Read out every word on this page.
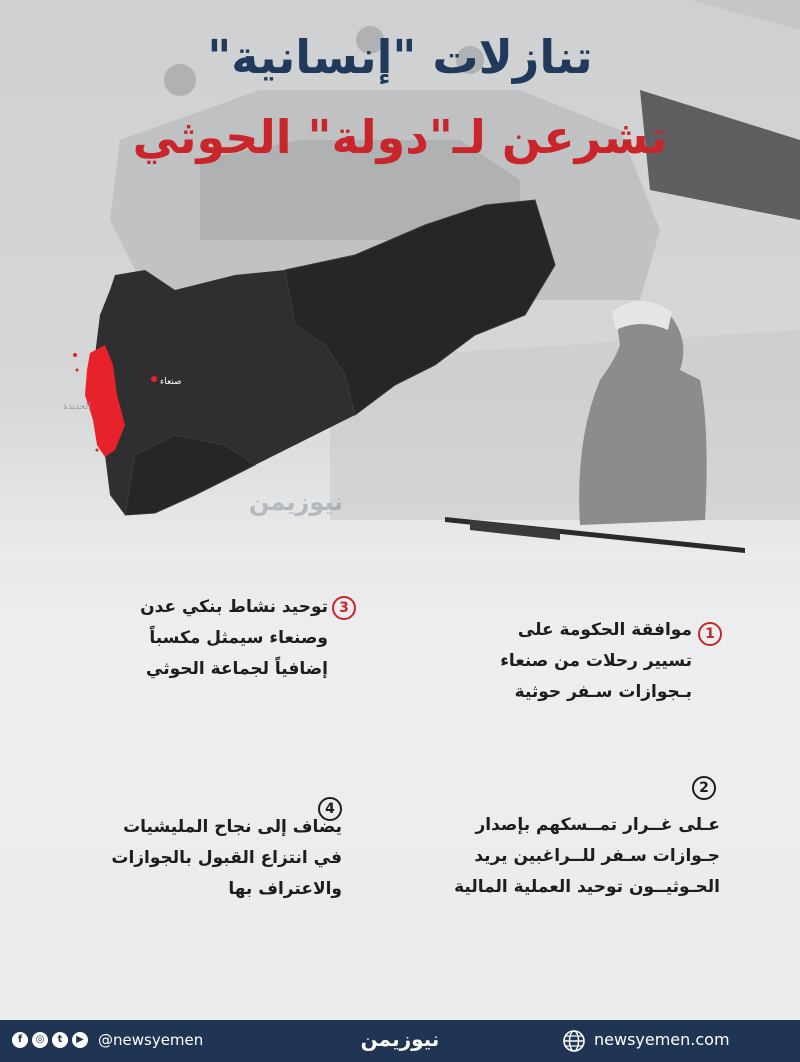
تنازلات "إنسانية"
تشرعن لـ"دولة" الحوثي
صنعاء
الحديدة
نيوزيمن
1
موافقة الحكومة على
تسيير رحلات من صنعاء
بـجوازات سـفر حوثية
2
عـلى غــرار تمــسكهم بإصدار
جـوازات سـفر للــراغبين يريد
الحـوثيــون توحيد العملية المالية
3
توحيد نشاط بنكي عدن
وصنعاء سيمثل مكسباً
إضافياً لجماعة الحوثي
4
يضاف إلى نجاح المليشيات
في انتزاع القبول بالجوازات
والاعتراف بها
f	◎	t	▶ @newsyemen	نيوزيمن	newsyemen.com
